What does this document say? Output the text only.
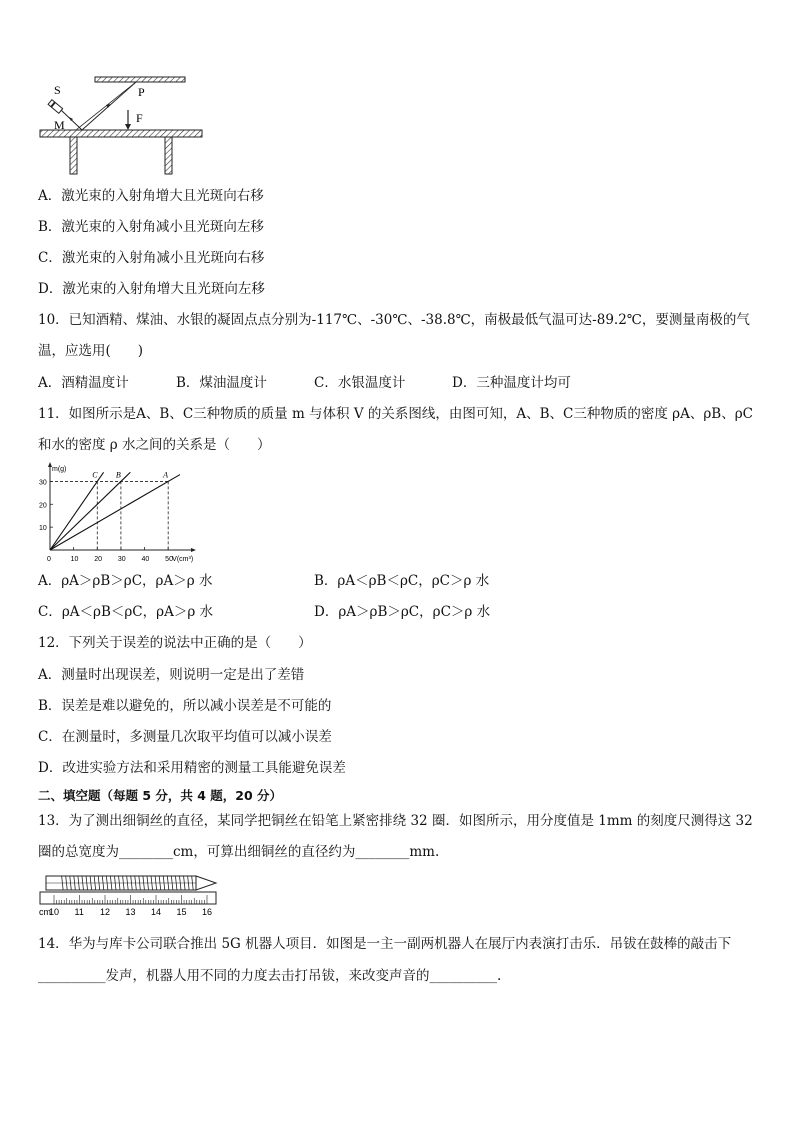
S	P
M	F
A．激光束的入射角增大且光斑向右移
B．激光束的入射角减小且光斑向左移
C．激光束的入射角减小且光斑向右移
D．激光束的入射角增大且光斑向左移
10．已知酒精、煤油、水银的凝固点点分别为-117℃、-30℃、-38.8℃，南极最低气温可达-89.2℃，要测量南极的气
温，应选用(　　)
A．酒精温度计	B．煤油温度计	C．水银温度计	D．三种温度计均可
11．如图所示是A、B、C三种物质的质量 m 与体积 V 的关系图线，由图可知，A、B、C三种物质的密度 ρA、ρB、ρC
和水的密度 ρ 水之间的关系是（　　）
m(g)
V(cm³)
0	10 20 30 40 50
10
20
30
C B	A
A．ρA＞ρB＞ρC，ρA＞ρ 水	B．ρA＜ρB＜ρC，ρC＞ρ 水
C．ρA＜ρB＜ρC，ρA＞ρ 水	D．ρA＞ρB＞ρC，ρC＞ρ 水
12．下列关于误差的说法中正确的是（　　）
A．测量时出现误差，则说明一定是出了差错
B．误差是难以避免的，所以减小误差是不可能的
C．在测量时，多测量几次取平均值可以减小误差
D．改进实验方法和采用精密的测量工具能避免误差
二、填空题（每题 5 分，共 4 题，20 分）
13．为了测出细铜丝的直径，某同学把铜丝在铅笔上紧密排绕 32 圈．如图所示，用分度值是 1mm 的刻度尺测得这 32
圈的总宽度为________cm，可算出细铜丝的直径约为________mm.
cm
10 11 12 13 14 15 16
14．华为与库卡公司联合推出 5G 机器人项目．如图是一主一副两机器人在展厅内表演打击乐．吊钹在鼓棒的敲击下
__________发声，机器人用不同的力度去击打吊钹，来改变声音的__________.
